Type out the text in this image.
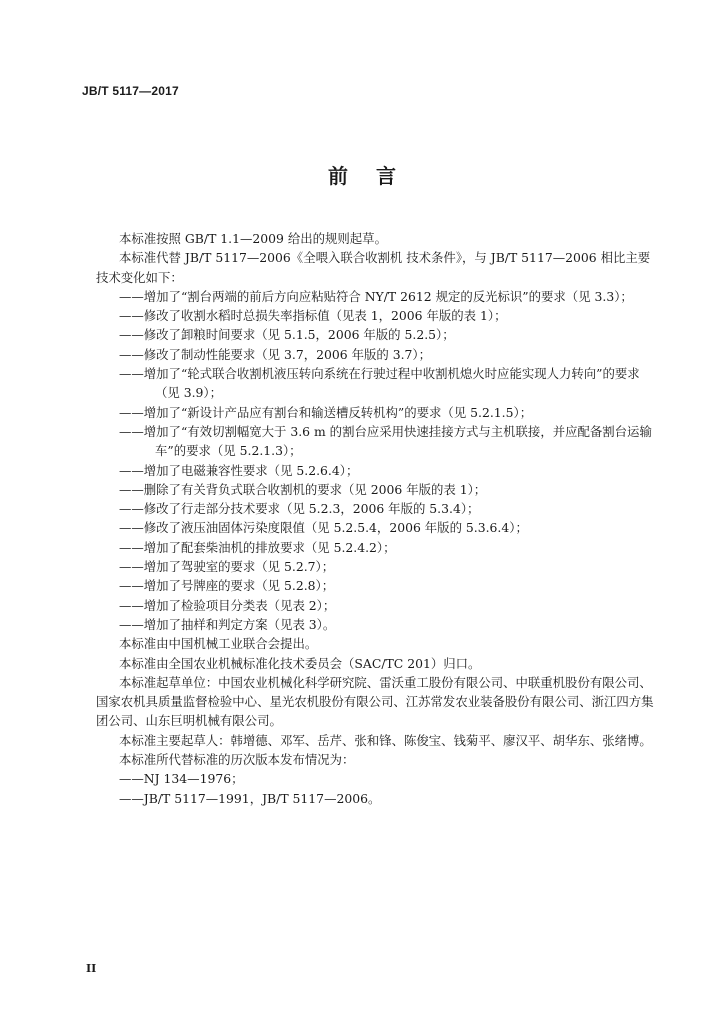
JB/T 5117—2017
前言
本标准按照 GB/T 1.1—2009 给出的规则起草。
本标准代替 JB/T 5117—2006《全喂入联合收割机 技术条件》，与 JB/T 5117—2006 相比主要技术变化如下：
——增加了“割台两端的前后方向应粘贴符合 NY/T 2612 规定的反光标识”的要求（见 3.3）；
——修改了收割水稻时总损失率指标值（见表 1，2006 年版的表 1）；
——修改了卸粮时间要求（见 5.1.5，2006 年版的 5.2.5）；
——修改了制动性能要求（见 3.7，2006 年版的 3.7）；
——增加了“轮式联合收割机液压转向系统在行驶过程中收割机熄火时应能实现人力转向”的要求（见 3.9）；
——增加了“新设计产品应有割台和输送槽反转机构”的要求（见 5.2.1.5）；
——增加了“有效切割幅宽大于 3.6 m 的割台应采用快速挂接方式与主机联接，并应配备割台运输车”的要求（见 5.2.1.3）；
——增加了电磁兼容性要求（见 5.2.6.4）；
——删除了有关背负式联合收割机的要求（见 2006 年版的表 1）；
——修改了行走部分技术要求（见 5.2.3，2006 年版的 5.3.4）；
——修改了液压油固体污染度限值（见 5.2.5.4，2006 年版的 5.3.6.4）；
——增加了配套柴油机的排放要求（见 5.2.4.2）；
——增加了驾驶室的要求（见 5.2.7）；
——增加了号牌座的要求（见 5.2.8）；
——增加了检验项目分类表（见表 2）；
——增加了抽样和判定方案（见表 3）。
本标准由中国机械工业联合会提出。
本标准由全国农业机械标准化技术委员会（SAC/TC 201）归口。
本标准起草单位：中国农业机械化科学研究院、雷沃重工股份有限公司、中联重机股份有限公司、国家农机具质量监督检验中心、星光农机股份有限公司、江苏常发农业装备股份有限公司、浙江四方集团公司、山东巨明机械有限公司。
本标准主要起草人：韩增德、邓军、岳芹、张和锋、陈俊宝、钱菊平、廖汉平、胡华东、张绪博。
本标准所代替标准的历次版本发布情况为：
——NJ 134—1976；
——JB/T 5117—1991，JB/T 5117—2006。
II
